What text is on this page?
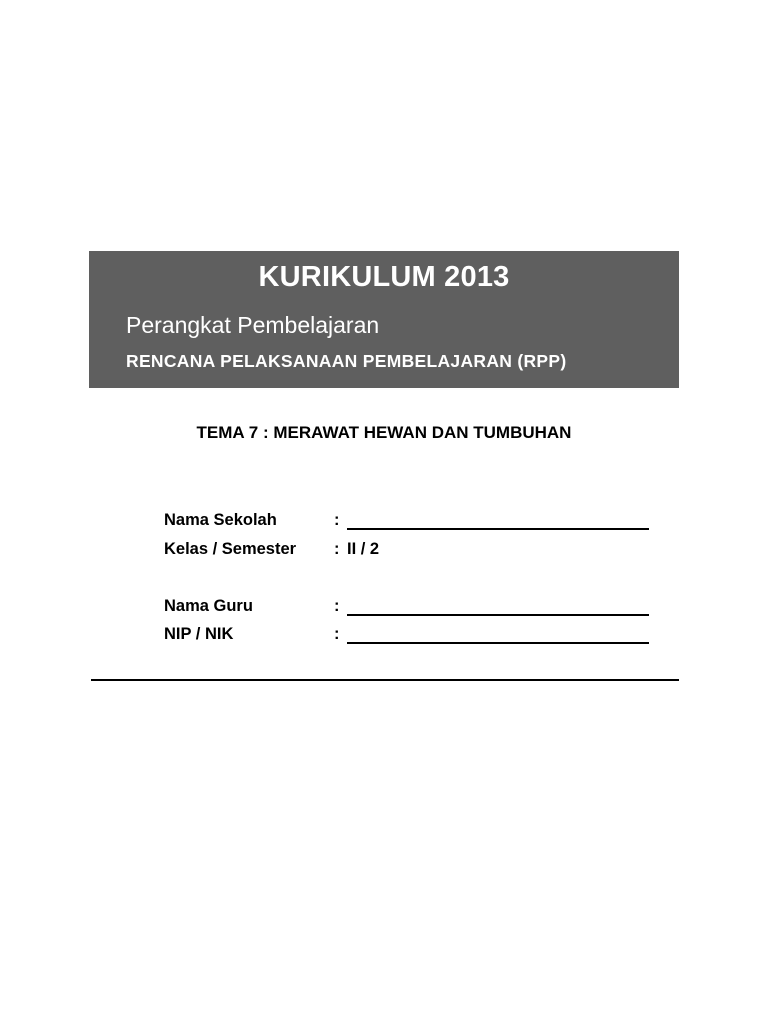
KURIKULUM 2013
Perangkat Pembelajaran
RENCANA PELAKSANAAN PEMBELAJARAN (RPP)
TEMA 7 : MERAWAT HEWAN DAN TUMBUHAN
Nama Sekolah	:
Kelas / Semester : II / 2
Nama Guru	:
NIP / NIK	:
